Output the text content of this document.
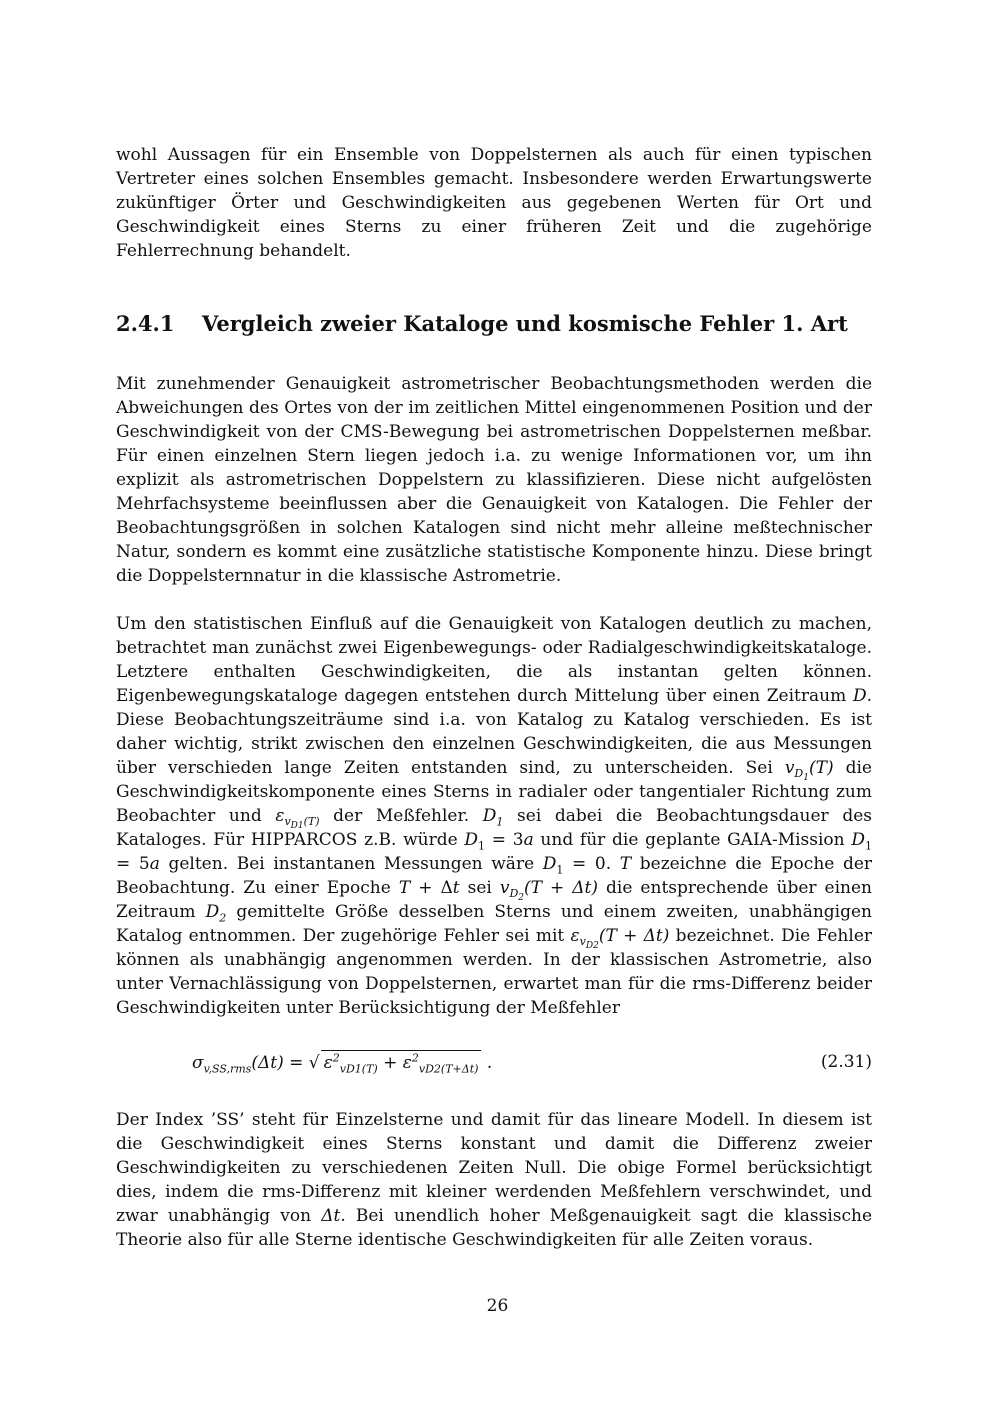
wohl Aussagen für ein Ensemble von Doppelsternen als auch für einen typischen Vertreter eines solchen Ensembles gemacht. Insbesondere werden Erwartungswerte zukünftiger Örter und Geschwindigkeiten aus gegebenen Werten für Ort und Geschwindigkeit eines Sterns zu einer früheren Zeit und die zugehörige Fehlerrechnung behandelt.

2.4.1	Vergleich zweier Kataloge und kosmische Fehler 1. Art

Mit zunehmender Genauigkeit astrometrischer Beobachtungsmethoden werden die Abweichungen des Ortes von der im zeitlichen Mittel eingenommenen Position und der Geschwindigkeit von der CMS-Bewegung bei astrometrischen Doppelsternen meßbar. Für einen einzelnen Stern liegen jedoch i.a. zu wenige Informationen vor, um ihn explizit als astrometrischen Doppelstern zu klassifizieren. Diese nicht aufgelösten Mehrfachsysteme beeinflussen aber die Genauigkeit von Katalogen. Die Fehler der Beobachtungsgrößen in solchen Katalogen sind nicht mehr alleine meßtechnischer Natur, sondern es kommt eine zusätzliche statistische Komponente hinzu. Diese bringt die Doppelsternnatur in die klassische Astrometrie.

Um den statistischen Einfluß auf die Genauigkeit von Katalogen deutlich zu machen, betrachtet man zunächst zwei Eigenbewegungs- oder Radialgeschwindigkeitskataloge. Letztere enthalten Geschwindigkeiten, die als instantan gelten können. Eigenbewegungskataloge dagegen entstehen durch Mittelung über einen Zeitraum D. Diese Beobachtungszeiträume sind i.a. von Katalog zu Katalog verschieden. Es ist daher wichtig, strikt zwischen den einzelnen Geschwindigkeiten, die aus Messungen über verschieden lange Zeiten entstanden sind, zu unterscheiden. Sei $v_{D_1}(T)$ die Geschwindigkeitskomponente eines Sterns in radialer oder tangentialer Richtung zum Beobachter und $\varepsilon_{v_{D1}(T)}$ der Meßfehler. $D_1$ sei dabei die Beobachtungsdauer des Kataloges. Für HIPPARCOS z.B. würde $D_1 = 3a$ und für die geplante GAIA-Mission $D_1 = 5a$ gelten. Bei instantanen Messungen wäre $D_1 = 0$. T bezeichne die Epoche der Beobachtung. Zu einer Epoche T + Δt sei $v_{D_2}(T + \Delta t)$ die entsprechende über einen Zeitraum $D_2$ gemittelte Größe desselben Sterns und einem zweiten, unabhängigen Katalog entnommen. Der zugehörige Fehler sei mit $\varepsilon_{v_{D2}}(T + \Delta t)$ bezeichnet. Die Fehler können als unabhängig angenommen werden. In der klassischen Astrometrie, also unter Vernachlässigung von Doppelsternen, erwartet man für die rms-Differenz beider Geschwindigkeiten unter Berücksichtigung der Meßfehler

$\sigma_{v,SS,rms}(\Delta t)$ = √ $\varepsilon^2_{vD1(T)} + \varepsilon^2_{vD2(T+\Delta t)}$ .	(2.31)

Der Index ’SS’ steht für Einzelsterne und damit für das lineare Modell. In diesem ist die Geschwindigkeit eines Sterns konstant und damit die Differenz zweier Geschwindigkeiten zu verschiedenen Zeiten Null. Die obige Formel berücksichtigt dies, indem die rms-Differenz mit kleiner werdenden Meßfehlern verschwindet, und zwar unabhängig von Δt. Bei unendlich hoher Meßgenauigkeit sagt die klassische Theorie also für alle Sterne identische Geschwindigkeiten für alle Zeiten voraus.

26
